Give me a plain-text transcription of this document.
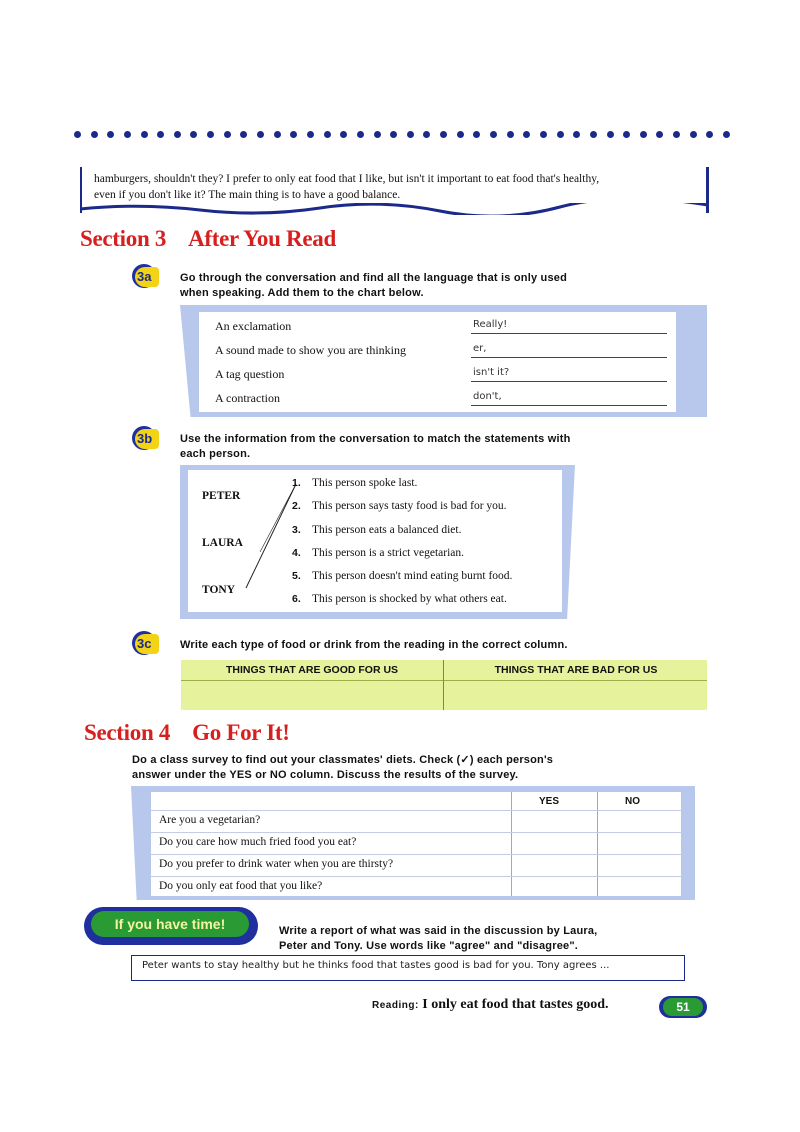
hamburgers, shouldn't they? I prefer to only eat food that I like, but isn't it important to eat food that's healthy,
even if you don't like it? The main thing is to have a good balance.

Section 3 After You Read
3a	Go through the conversation and find all the language that is only used
when speaking. Add them to the chart below.
An exclamation	Really!
A sound made to show you are thinking	er,
A tag question	isn't it?
A contraction	don't,
3b	Use the information from the conversation to match the statements with
each person.
PETER
LAURA
TONY
1. This person spoke last.
2. This person says tasty food is bad for you.
3. This person eats a balanced diet.
4. This person is a strict vegetarian.
5. This person doesn't mind eating burnt food.
6. This person is shocked by what others eat.
3c	Write each type of food or drink from the reading in the correct column.
THINGS THAT ARE GOOD FOR US	THINGS THAT ARE BAD FOR US
Section 4 Go For It!
Do a class survey to find out your classmates' diets. Check (✓) each person's
answer under the YES or NO column. Discuss the results of the survey.
YES	NO
Are you a vegetarian?
Do you care how much fried food you eat?
Do you prefer to drink water when you are thirsty?
Do you only eat food that you like?
If you have time!	Write a report of what was said in the discussion by Laura,
Peter and Tony. Use words like "agree" and "disagree".
Peter wants to stay healthy but he thinks food that tastes good is bad for you. Tony agrees ...
Reading: I only eat food that tastes good.	51
